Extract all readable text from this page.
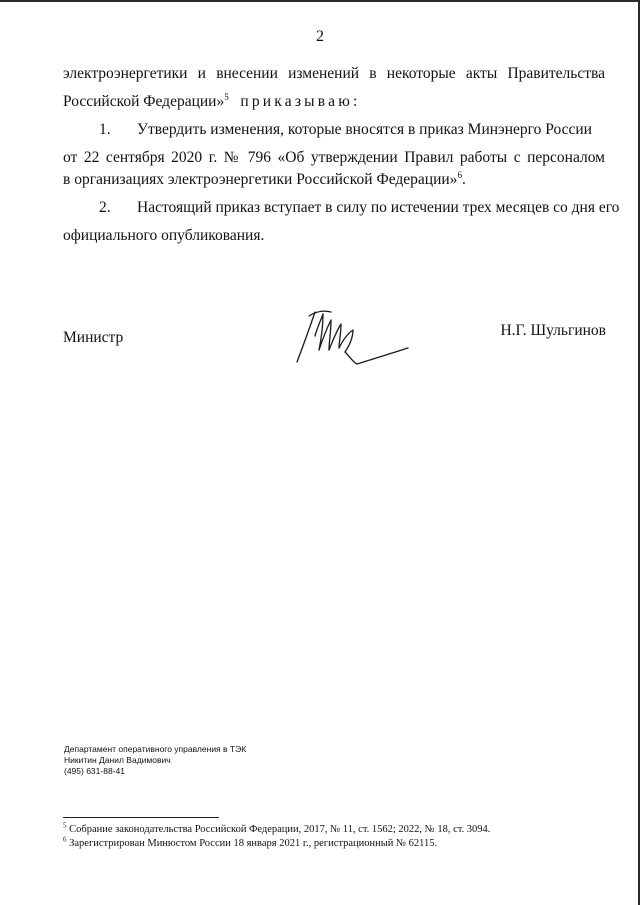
2
электроэнергетики и внесении изменений в некоторые акты Правительства
Российской Федерации»$^5$ приказываю:
1. Утвердить изменения, которые вносятся в приказ Минэнерго России
от 22 сентября 2020 г. № 796 «Об утверждении Правил работы с персоналом
в организациях электроэнергетики Российской Федерации»$^6$.
2. Настоящий приказ вступает в силу по истечении трех месяцев со дня его
официального опубликования.
Министр	Н.Г. Шульгинов
Департамент оперативного управления в ТЭК
Никитин Данил Вадимович
(495) 631-88-41
$^5$ Собрание законодательства Российской Федерации, 2017, № 11, ст. 1562; 2022, № 18, ст. 3094.
$^6$ Зарегистрирован Минюстом России 18 января 2021 г., регистрационный № 62115.
